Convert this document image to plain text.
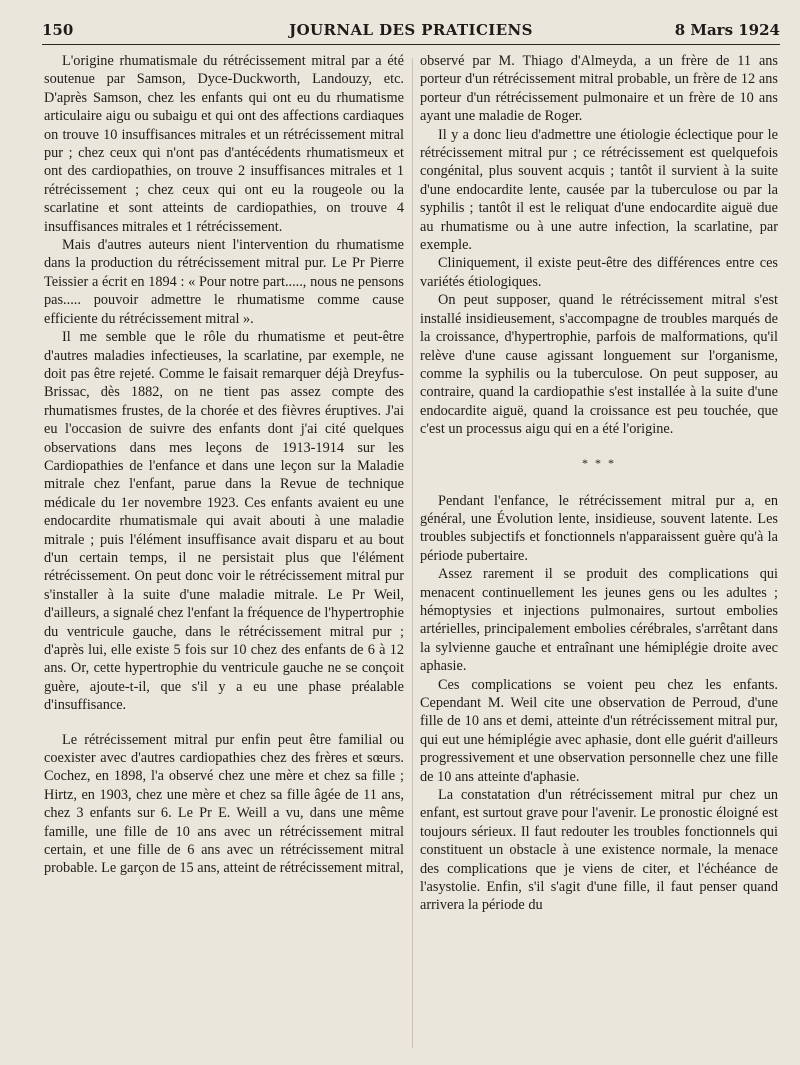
150	JOURNAL DES PRATICIENS	8 Mars 1924

L'origine rhumatismale du rétrécissement mitral par a été soutenue par Samson, Dyce-Duckworth, Landouzy, etc. D'après Samson, chez les enfants qui ont eu du rhumatisme articulaire aigu ou subaigu et qui ont des affections cardiaques on trouve 10 insuffisances mitrales et un rétrécissement mitral pur ; chez ceux qui n'ont pas d'antécédents rhumatismeux et ont des cardiopathies, on trouve 2 insuffisances mitrales et 1 rétrécissement ; chez ceux qui ont eu la rougeole ou la scarlatine et sont atteints de cardiopathies, on trouve 4 insuffisances mitrales et 1 rétrécissement.

Mais d'autres auteurs nient l'intervention du rhumatisme dans la production du rétrécissement mitral pur. Le Pr Pierre Teissier a écrit en 1894 : « Pour notre part....., nous ne pensons pas..... pouvoir admettre le rhumatisme comme cause efficiente du rétrécissement mitral ».

Il me semble que le rôle du rhumatisme et peut-être d'autres maladies infectieuses, la scarlatine, par exemple, ne doit pas être rejeté. Comme le faisait remarquer déjà Dreyfus-Brissac, dès 1882, on ne tient pas assez compte des rhumatismes frustes, de la chorée et des fièvres éruptives. J'ai eu l'occasion de suivre des enfants dont j'ai cité quelques observations dans mes leçons de 1913-1914 sur les Cardiopathies de l'enfance et dans une leçon sur la Maladie mitrale chez l'enfant, parue dans la Revue de technique médicale du 1er novembre 1923. Ces enfants avaient eu une endocardite rhumatismale qui avait abouti à une maladie mitrale ; puis l'élément insuffisance avait disparu et au bout d'un certain temps, il ne persistait plus que l'élément rétrécissement. On peut donc voir le rétrécissement mitral pur s'installer à la suite d'une maladie mitrale. Le Pr Weil, d'ailleurs, a signalé chez l'enfant la fréquence de l'hypertrophie du ventricule gauche, dans le rétrécissement mitral pur ; d'après lui, elle existe 5 fois sur 10 chez des enfants de 6 à 12 ans. Or, cette hypertrophie du ventricule gauche ne se conçoit guère, ajoute-t-il, que s'il y a eu une phase préalable d'insuffisance.

Le rétrécissement mitral pur enfin peut être familial ou coexister avec d'autres cardiopathies chez des frères et sœurs. Cochez, en 1898, l'a observé chez une mère et chez sa fille ; Hirtz, en 1903, chez une mère et chez sa fille âgée de 11 ans, chez 3 enfants sur 6. Le Pr E. Weill a vu, dans une même famille, une fille de 10 ans avec un rétrécissement mitral certain, et une fille de 6 ans avec un rétrécissement mitral probable. Le garçon de 15 ans, atteint de rétrécissement mitral,

observé par M. Thiago d'Almeyda, a un frère de 11 ans porteur d'un rétrécissement mitral probable, un frère de 12 ans porteur d'un rétrécissement pulmonaire et un frère de 10 ans ayant une maladie de Roger.

Il y a donc lieu d'admettre une étiologie éclectique pour le rétrécissement mitral pur ; ce rétrécissement est quelquefois congénital, plus souvent acquis ; tantôt il survient à la suite d'une endocardite lente, causée par la tuberculose ou par la syphilis ; tantôt il est le reliquat d'une endocardite aiguë due au rhumatisme ou à une autre infection, la scarlatine, par exemple.

Cliniquement, il existe peut-être des différences entre ces variétés étiologiques.

On peut supposer, quand le rétrécissement mitral s'est installé insidieusement, s'accompagne de troubles marqués de la croissance, d'hypertrophie, parfois de malformations, qu'il relève d'une cause agissant longuement sur l'organisme, comme la syphilis ou la tuberculose. On peut supposer, au contraire, quand la cardiopathie s'est installée à la suite d'une endocardite aiguë, quand la croissance est peu touchée, que c'est un processus aigu qui en a été l'origine.

* * *

Pendant l'enfance, le rétrécissement mitral pur a, en général, une Évolution lente, insidieuse, souvent latente. Les troubles subjectifs et fonctionnels n'apparaissent guère qu'à la période pubertaire.

Assez rarement il se produit des complications qui menacent continuellement les jeunes gens ou les adultes ; hémoptysies et injections pulmonaires, surtout embolies artérielles, principalement embolies cérébrales, s'arrêtant dans la sylvienne gauche et entraînant une hémiplégie droite avec aphasie.

Ces complications se voient peu chez les enfants. Cependant M. Weil cite une observation de Perroud, d'une fille de 10 ans et demi, atteinte d'un rétrécissement mitral pur, qui eut une hémiplégie avec aphasie, dont elle guérit d'ailleurs progressivement et une observation personnelle chez une fille de 10 ans atteinte d'aphasie.

La constatation d'un rétrécissement mitral pur chez un enfant, est surtout grave pour l'avenir. Le pronostic éloigné est toujours sérieux. Il faut redouter les troubles fonctionnels qui constituent un obstacle à une existence normale, la menace des complications que je viens de citer, et l'échéance de l'asystolie. Enfin, s'il s'agit d'une fille, il faut penser quand arrivera la période du
